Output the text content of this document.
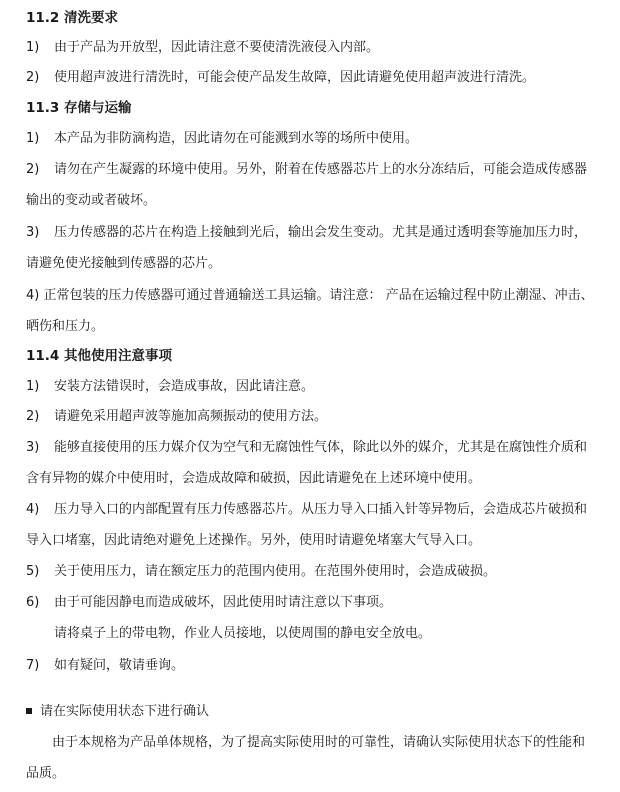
11.2 清洗要求
1) 由于产品为开放型，因此请注意不要使清洗液侵入内部。
2) 使用超声波进行清洗时，可能会使产品发生故障，因此请避免使用超声波进行清洗。
11.3 存储与运输
1) 本产品为非防滴构造，因此请勿在可能溅到水等的场所中使用。
2) 请勿在产生凝露的环境中使用。另外，附着在传感器芯片上的水分冻结后，可能会造成传感器
输出的变动或者破坏。
3) 压力传感器的芯片在构造上接触到光后，输出会发生变动。尤其是通过透明套等施加压力时，
请避免使光接触到传感器的芯片。
4) 正常包装的压力传感器可通过普通输送工具运输。请注意： 产品在运输过程中防止潮湿、冲击、
晒伤和压力。
11.4 其他使用注意事项
1) 安装方法错误时，会造成事故，因此请注意。
2) 请避免采用超声波等施加高频振动的使用方法。
3) 能够直接使用的压力媒介仅为空气和无腐蚀性气体，除此以外的媒介，尤其是在腐蚀性介质和
含有异物的媒介中使用时，会造成故障和破损，因此请避免在上述环境中使用。
4) 压力导入口的内部配置有压力传感器芯片。从压力导入口插入针等异物后，会造成芯片破损和
导入口堵塞，因此请绝对避免上述操作。另外，使用时请避免堵塞大气导入口。
5) 关于使用压力，请在额定压力的范围内使用。在范围外使用时，会造成破损。
6) 由于可能因静电而造成破坏，因此使用时请注意以下事项。
请将桌子上的带电物，作业人员接地，以使周围的静电安全放电。
7) 如有疑问，敬请垂询。
请在实际使用状态下进行确认
由于本规格为产品单体规格，为了提高实际使用时的可靠性，请确认实际使用状态下的性能和
品质。
